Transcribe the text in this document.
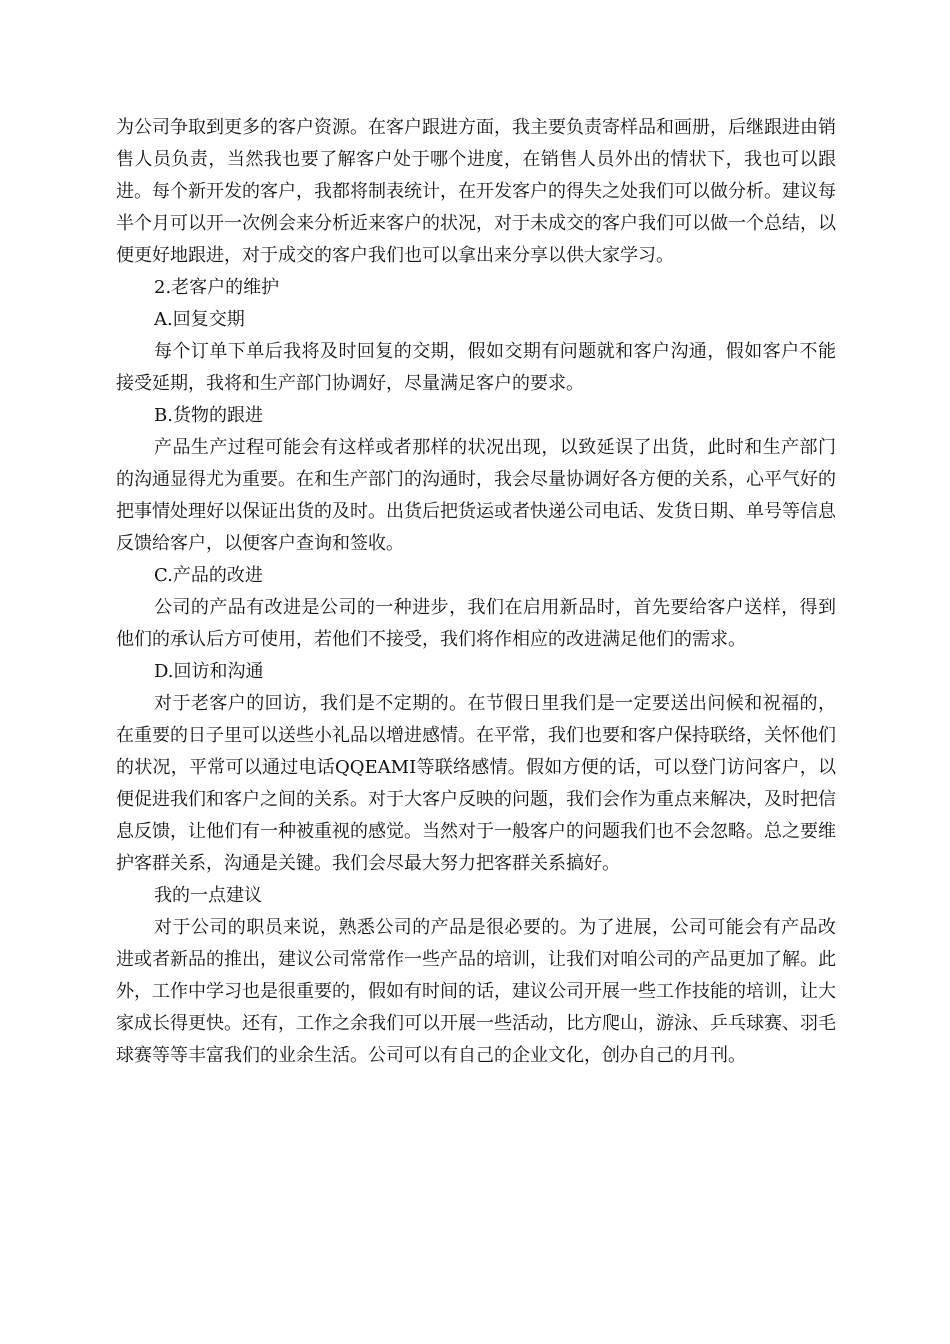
为公司争取到更多的客户资源。在客户跟进方面，我主要负责寄样品和画册，后继跟进由销售人员负责，当然我也要了解客户处于哪个进度，在销售人员外出的情状下，我也可以跟进。每个新开发的客户，我都将制表统计，在开发客户的得失之处我们可以做分析。建议每半个月可以开一次例会来分析近来客户的状况，对于未成交的客户我们可以做一个总结，以便更好地跟进，对于成交的客户我们也可以拿出来分享以供大家学习。

2.老客户的维护

A.回复交期

每个订单下单后我将及时回复的交期，假如交期有问题就和客户沟通，假如客户不能接受延期，我将和生产部门协调好，尽量满足客户的要求。

B.货物的跟进

产品生产过程可能会有这样或者那样的状况出现，以致延误了出货，此时和生产部门的沟通显得尤为重要。在和生产部门的沟通时，我会尽量协调好各方便的关系，心平气好的把事情处理好以保证出货的及时。出货后把货运或者快递公司电话、发货日期、单号等信息反馈给客户，以便客户查询和签收。

C.产品的改进

公司的产品有改进是公司的一种进步，我们在启用新品时，首先要给客户送样，得到他们的承认后方可使用，若他们不接受，我们将作相应的改进满足他们的需求。

D.回访和沟通

对于老客户的回访，我们是不定期的。在节假日里我们是一定要送出问候和祝福的，在重要的日子里可以送些小礼品以增进感情。在平常，我们也要和客户保持联络，关怀他们的状况，平常可以通过电话QQEAMI等联络感情。假如方便的话，可以登门访问客户，以便促进我们和客户之间的关系。对于大客户反映的问题，我们会作为重点来解决，及时把信息反馈，让他们有一种被重视的感觉。当然对于一般客户的问题我们也不会忽略。总之要维护客群关系，沟通是关键。我们会尽最大努力把客群关系搞好。

我的一点建议

对于公司的职员来说，熟悉公司的产品是很必要的。为了进展，公司可能会有产品改进或者新品的推出，建议公司常常作一些产品的培训，让我们对咱公司的产品更加了解。此外，工作中学习也是很重要的，假如有时间的话，建议公司开展一些工作技能的培训，让大家成长得更快。还有，工作之余我们可以开展一些活动，比方爬山，游泳、乒乓球赛、羽毛球赛等等丰富我们的业余生活。公司可以有自己的企业文化，创办自己的月刊。
